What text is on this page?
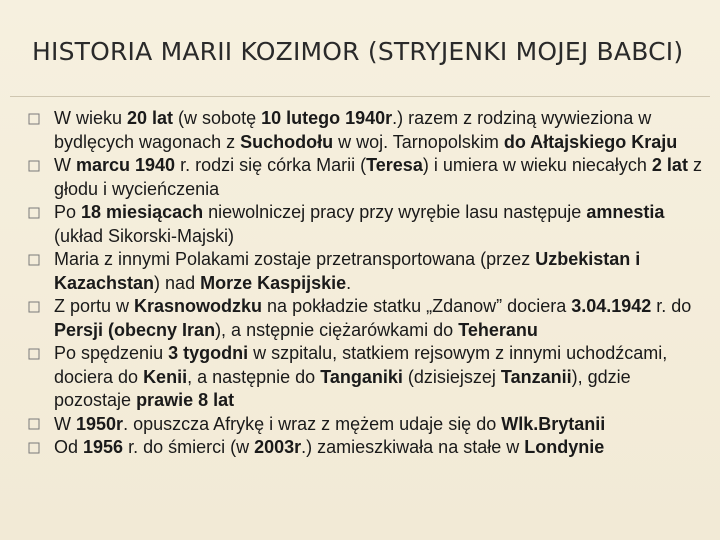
HISTORIA MARII KOZIMOR (STRYJENKI MOJEJ BABCI)
W wieku 20 lat (w sobotę 10 lutego 1940r.) razem z rodziną wywieziona w bydlęcych wagonach z Suchodołu w woj. Tarnopolskim do Ałtajskiego Kraju
W marcu 1940 r. rodzi się córka Marii (Teresa) i umiera w wieku niecałych 2 lat z głodu i wycieńczenia
Po 18 miesiącach niewolniczej pracy przy wyrębie lasu następuje amnestia (układ Sikorski-Majski)
Maria z innymi Polakami zostaje przetransportowana (przez Uzbekistan i Kazachstan) nad Morze Kaspijskie.
Z portu w Krasnowodzku na pokładzie statku „Zdanow” dociera 3.04.1942 r. do Persji (obecny Iran), a nstępnie ciężarówkami do Teheranu
Po spędzeniu 3 tygodni w szpitalu, statkiem rejsowym z innymi uchodźcami, dociera do Kenii, a następnie do Tanganiki (dzisiejszej Tanzanii), gdzie pozostaje prawie 8 lat
W 1950r. opuszcza Afrykę i wraz z mężem udaje się do Wlk.Brytanii
Od 1956 r. do śmierci (w 2003r.) zamieszkiwała na stałe w Londynie
